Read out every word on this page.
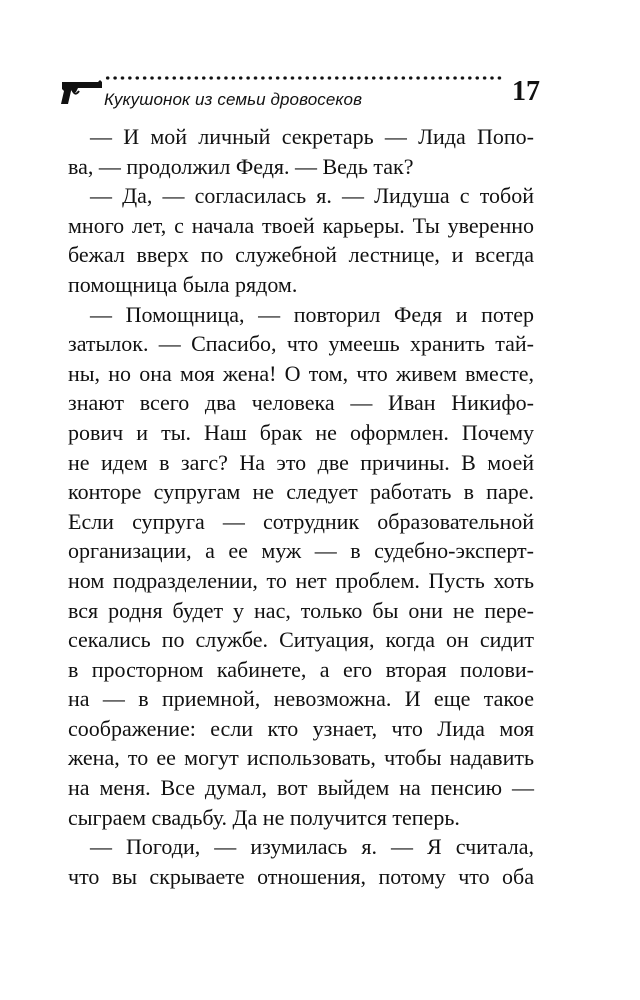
Кукушонок из семьи дровосеков	17

— И мой личный секретарь — Лида Попо-
ва, — продолжил Федя. — Ведь так?

— Да, — согласилась я. — Лидуша с тобой
много лет, с начала твоей карьеры. Ты уверенно
бежал вверх по служебной лестнице, и всегда
помощница была рядом.

— Помощница, — повторил Федя и потер
затылок. — Спасибо, что умеешь хранить тай-
ны, но она моя жена! О том, что живем вместе,
знают всего два человека — Иван Никифо-
рович и ты. Наш брак не оформлен. Почему
не идем в загс? На это две причины. В моей
конторе супругам не следует работать в паре.
Если супруга — сотрудник образовательной
организации, а ее муж — в судебно-эксперт-
ном подразделении, то нет проблем. Пусть хоть
вся родня будет у нас, только бы они не пере-
секались по службе. Ситуация, когда он сидит
в просторном кабинете, а его вторая полови-
на — в приемной, невозможна. И еще такое
соображение: если кто узнает, что Лида моя
жена, то ее могут использовать, чтобы надавить
на меня. Все думал, вот выйдем на пенсию —
сыграем свадьбу. Да не получится теперь.

— Погоди, — изумилась я. — Я считала,
что вы скрываете отношения, потому что оба
